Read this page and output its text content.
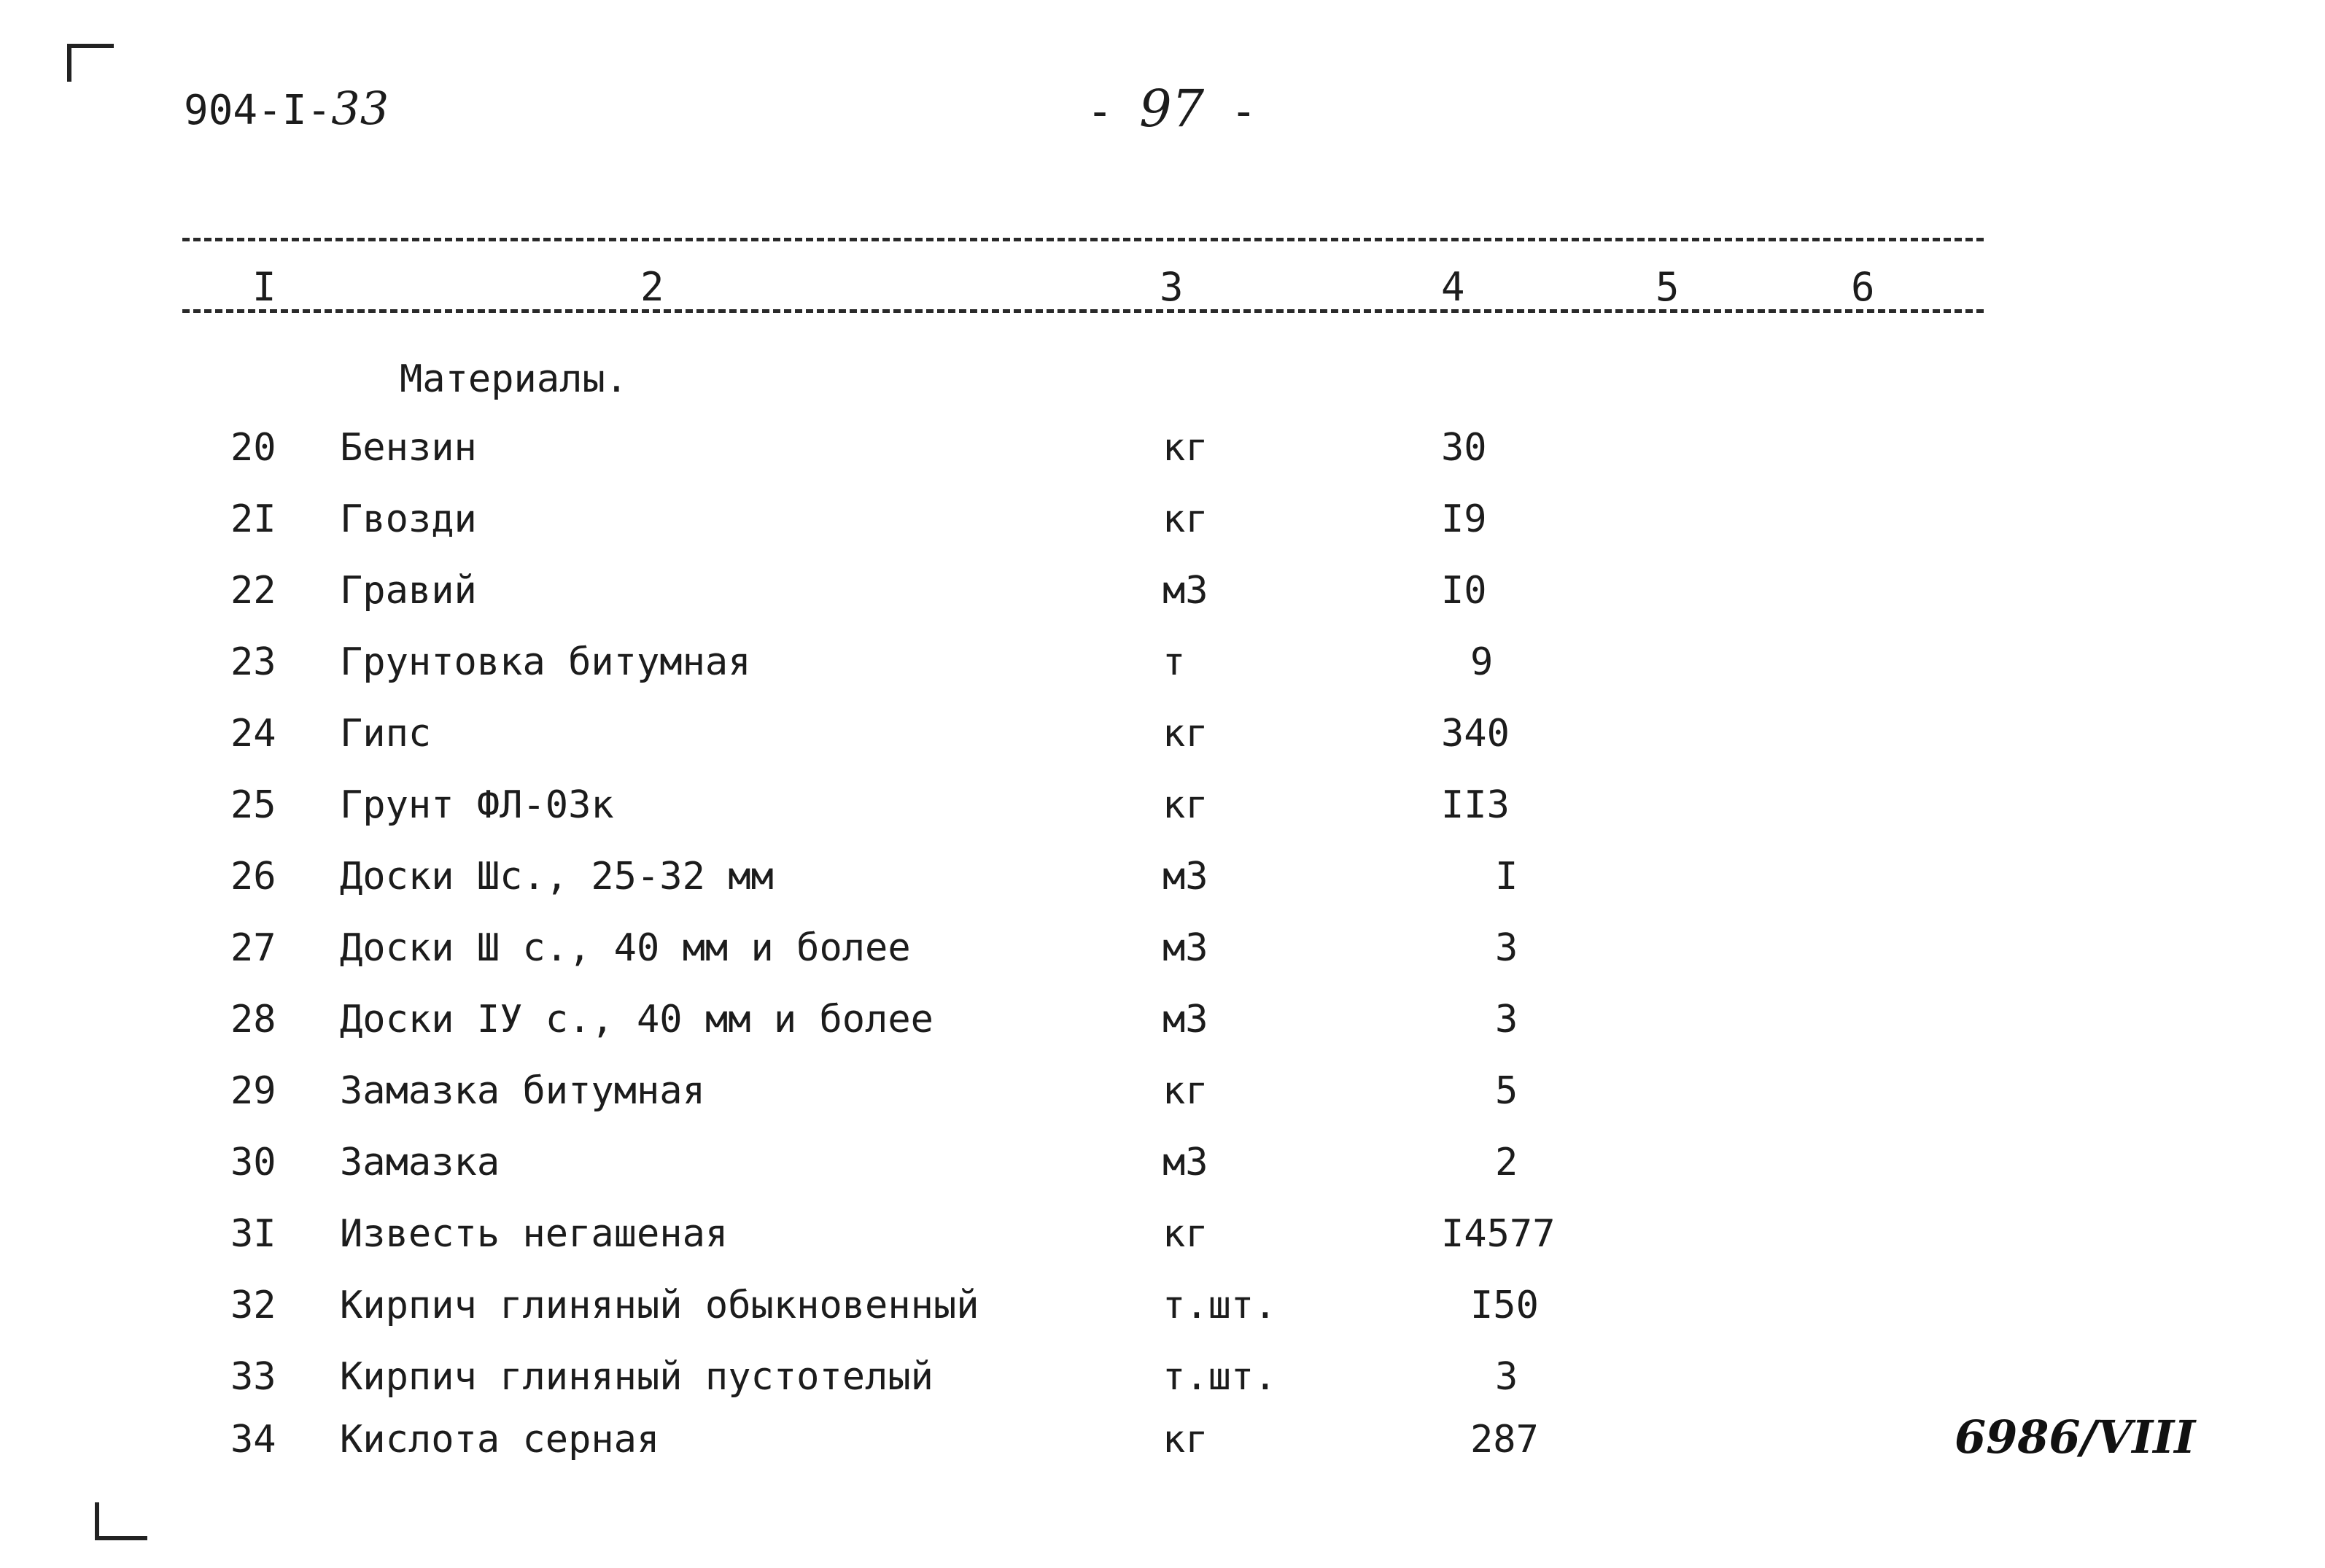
904-I-33	- 97 -
I	2	3	4	5	6
Материалы.
20 Бензин	кг	30
2I Гвозди	кг	I9
22 Гравий	м3	I0
23 Грунтовка битумная	т	9
24 Гипс	кг	340
25 Грунт ФЛ-03к	кг	II3
26 Доски Шс., 25-32 мм	м3	I
27 Доски Ш с., 40 мм и более	м3	3
28 Доски IУ с., 40 мм и более	м3	3
29 Замазка битумная	кг	5
30 Замазка	м3	2
3I Известь негашеная	кг	I4577
32 Кирпич глиняный обыкновенный	т.шт.	I50
33 Кирпич глиняный пустотелый	т.шт.	3
34 Кислота серная	кг	287	6986/VIII
